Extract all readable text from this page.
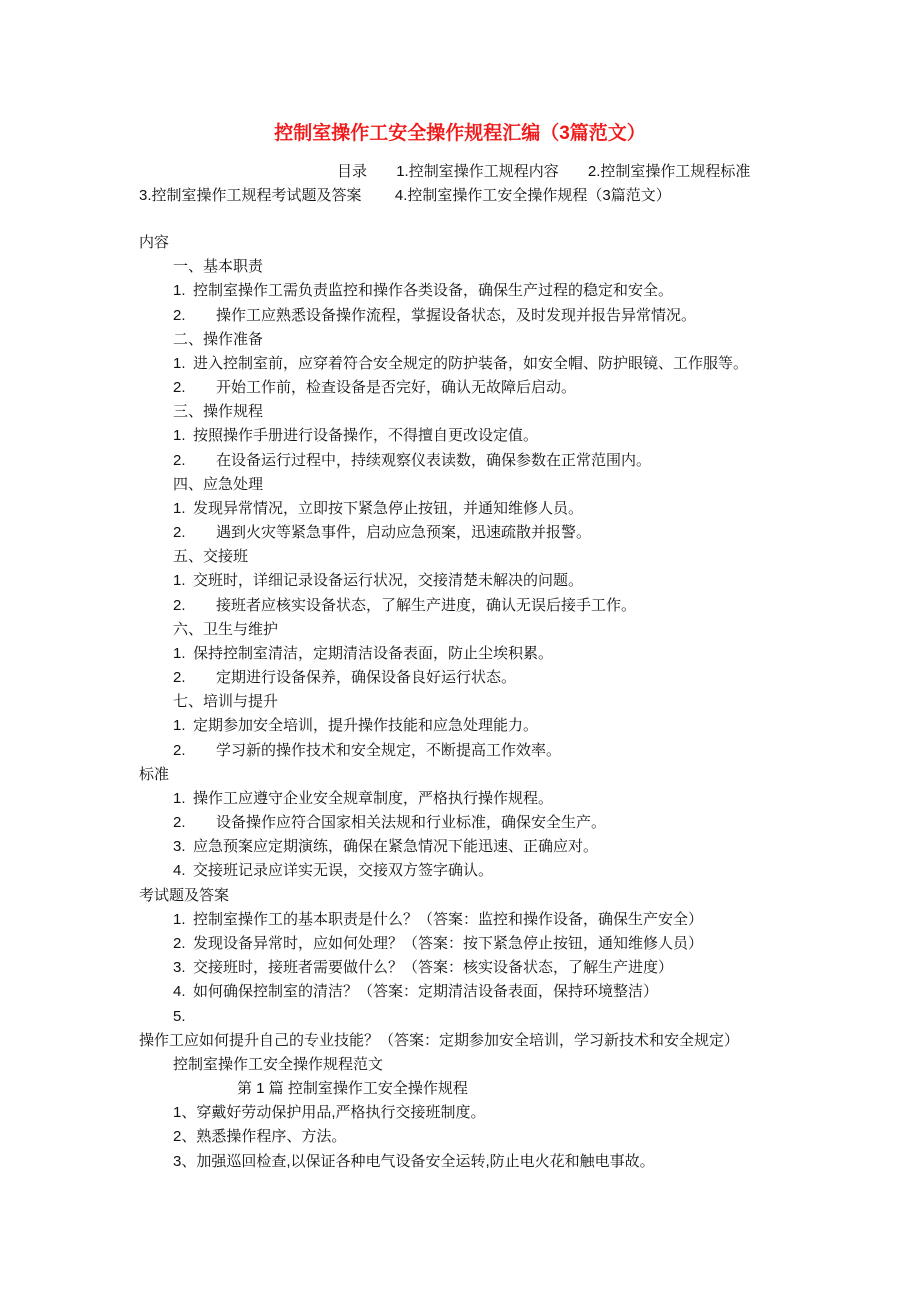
控制室操作工安全操作规程汇编（3篇范文）
目录 1.控制室操作工规程内容 2.控制室操作工规程标准
3.控制室操作工规程考试题及答案 4.控制室操作工安全操作规程（3篇范文）
内容
一、基本职责
1. 控制室操作工需负责监控和操作各类设备，确保生产过程的稳定和安全。
2. 操作工应熟悉设备操作流程，掌握设备状态，及时发现并报告异常情况。
二、操作准备
1. 进入控制室前，应穿着符合安全规定的防护装备，如安全帽、防护眼镜、工作服等。
2. 开始工作前，检查设备是否完好，确认无故障后启动。
三、操作规程
1. 按照操作手册进行设备操作，不得擅自更改设定值。
2. 在设备运行过程中，持续观察仪表读数，确保参数在正常范围内。
四、应急处理
1. 发现异常情况，立即按下紧急停止按钮，并通知维修人员。
2. 遇到火灾等紧急事件，启动应急预案，迅速疏散并报警。
五、交接班
1. 交班时，详细记录设备运行状况，交接清楚未解决的问题。
2. 接班者应核实设备状态，了解生产进度，确认无误后接手工作。
六、卫生与维护
1. 保持控制室清洁，定期清洁设备表面，防止尘埃积累。
2. 定期进行设备保养，确保设备良好运行状态。
七、培训与提升
1. 定期参加安全培训，提升操作技能和应急处理能力。
2. 学习新的操作技术和安全规定，不断提高工作效率。
标准
1. 操作工应遵守企业安全规章制度，严格执行操作规程。
2. 设备操作应符合国家相关法规和行业标准，确保安全生产。
3. 应急预案应定期演练，确保在紧急情况下能迅速、正确应对。
4. 交接班记录应详实无误，交接双方签字确认。
考试题及答案
1. 控制室操作工的基本职责是什么？（答案：监控和操作设备，确保生产安全）
2. 发现设备异常时，应如何处理？（答案：按下紧急停止按钮，通知维修人员）
3. 交接班时，接班者需要做什么？（答案：核实设备状态，了解生产进度）
4. 如何确保控制室的清洁？（答案：定期清洁设备表面，保持环境整洁）
5.操作工应如何提升自己的专业技能？（答案：定期参加安全培训，学习新技术和安全规定）
控制室操作工安全操作规程范文
第 1 篇 控制室操作工安全操作规程
1、穿戴好劳动保护用品,严格执行交接班制度。
2、熟悉操作程序、方法。
3、加强巡回检查,以保证各种电气设备安全运转,防止电火花和触电事故。
